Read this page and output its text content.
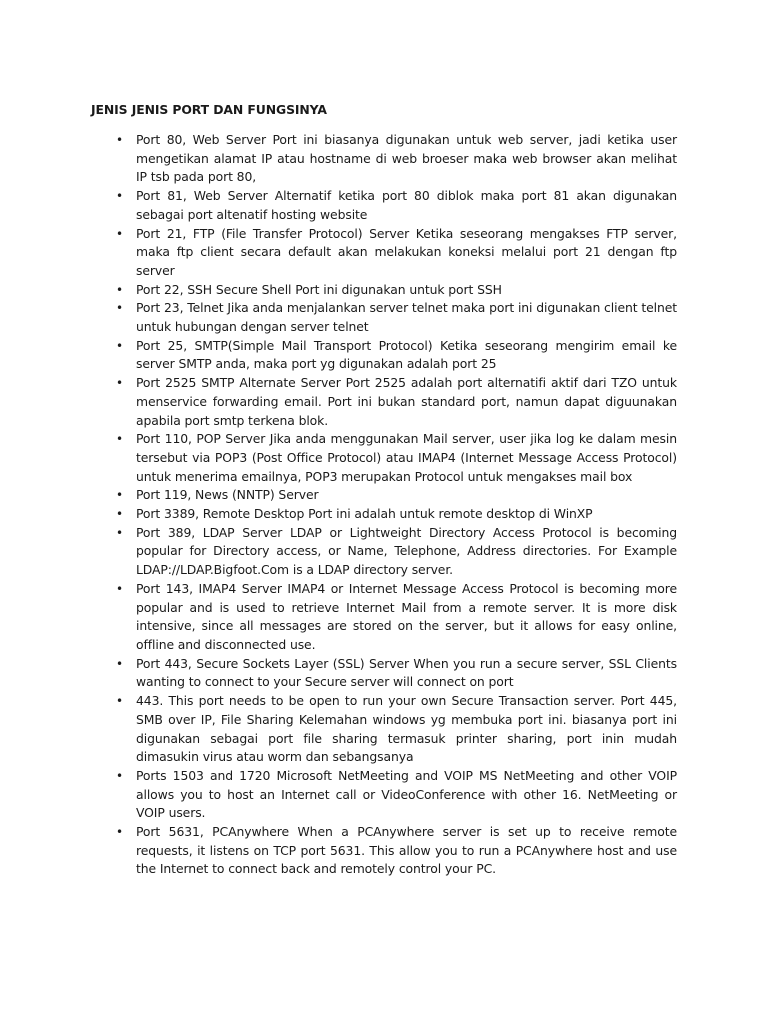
JENIS JENIS PORT DAN FUNGSINYA
• Port 80, Web Server Port ini biasanya digunakan untuk web server, jadi ketika user mengetikan alamat IP atau hostname di web broeser maka web browser akan melihat IP tsb pada port 80,
• Port 81, Web Server Alternatif ketika port 80 diblok maka port 81 akan digunakan sebagai port altenatif hosting website
• Port 21, FTP (File Transfer Protocol) Server Ketika seseorang mengakses FTP server, maka ftp client secara default akan melakukan koneksi melalui port 21 dengan ftp server
• Port 22, SSH Secure Shell Port ini digunakan untuk port SSH
• Port 23, Telnet Jika anda menjalankan server telnet maka port ini digunakan client telnet untuk hubungan dengan server telnet
• Port 25, SMTP(Simple Mail Transport Protocol) Ketika seseorang mengirim email ke server SMTP anda, maka port yg digunakan adalah port 25
• Port 2525 SMTP Alternate Server Port 2525 adalah port alternatifi aktif dari TZO untuk menservice forwarding email. Port ini bukan standard port, namun dapat diguunakan apabila port smtp terkena blok.
• Port 110, POP Server Jika anda menggunakan Mail server, user jika log ke dalam mesin tersebut via POP3 (Post Office Protocol) atau IMAP4 (Internet Message Access Protocol) untuk menerima emailnya, POP3 merupakan Protocol untuk mengakses mail box
• Port 119, News (NNTP) Server
• Port 3389, Remote Desktop Port ini adalah untuk remote desktop di WinXP
• Port 389, LDAP Server LDAP or Lightweight Directory Access Protocol is becoming popular for Directory access, or Name, Telephone, Address directories. For Example LDAP://LDAP.Bigfoot.Com is a LDAP directory server.
• Port 143, IMAP4 Server IMAP4 or Internet Message Access Protocol is becoming more popular and is used to retrieve Internet Mail from a remote server. It is more disk intensive, since all messages are stored on the server, but it allows for easy online, offline and disconnected use.
• Port 443, Secure Sockets Layer (SSL) Server When you run a secure server, SSL Clients wanting to connect to your Secure server will connect on port
• 443. This port needs to be open to run your own Secure Transaction server. Port 445, SMB over IP, File Sharing Kelemahan windows yg membuka port ini. biasanya port ini digunakan sebagai port file sharing termasuk printer sharing, port inin mudah dimasukin virus atau worm dan sebangsanya
• Ports 1503 and 1720 Microsoft NetMeeting and VOIP MS NetMeeting and other VOIP allows you to host an Internet call or VideoConference with other 16. NetMeeting or VOIP users.
• Port 5631, PCAnywhere When a PCAnywhere server is set up to receive remote requests, it listens on TCP port 5631. This allow you to run a PCAnywhere host and use the Internet to connect back and remotely control your PC.
